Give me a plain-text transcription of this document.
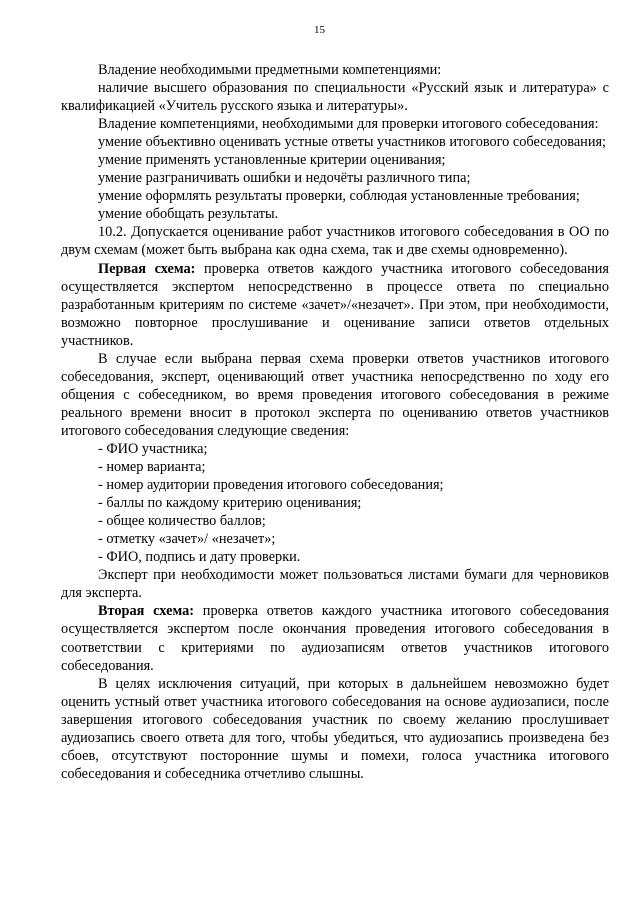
15

Владение необходимыми предметными компетенциями:

наличие высшего образования по специальности «Русский язык и литература» с квалификацией «Учитель русского языка и литературы».

Владение компетенциями, необходимыми для проверки итогового собеседования:

умение объективно оценивать устные ответы участников итогового собеседования;

умение применять установленные критерии оценивания;

умение разграничивать ошибки и недочёты различного типа;

умение оформлять результаты проверки, соблюдая установленные требования;

умение обобщать результаты.

10.2. Допускается оценивание работ участников итогового собеседования в ОО по двум схемам (может быть выбрана как одна схема, так и две схемы одновременно).

Первая схема: проверка ответов каждого участника итогового собеседования осуществляется экспертом непосредственно в процессе ответа по специально разработанным критериям по системе «зачет»/«незачет». При этом, при необходимости, возможно повторное прослушивание и оценивание записи ответов отдельных участников.

В случае если выбрана первая схема проверки ответов участников итогового собеседования, эксперт, оценивающий ответ участника непосредственно по ходу его общения с собеседником, во время проведения итогового собеседования в режиме реального времени вносит в протокол эксперта по оцениванию ответов участников итогового собеседования следующие сведения:

- ФИО участника;

- номер варианта;

- номер аудитории проведения итогового собеседования;

- баллы по каждому критерию оценивания;

- общее количество баллов;

- отметку «зачет»/ «незачет»;

- ФИО, подпись и дату проверки.

Эксперт при необходимости может пользоваться листами бумаги для черновиков для эксперта.

Вторая схема: проверка ответов каждого участника итогового собеседования осуществляется экспертом после окончания проведения итогового собеседования в соответствии с критериями по аудиозаписям ответов участников итогового собеседования.

В целях исключения ситуаций, при которых в дальнейшем невозможно будет оценить устный ответ участника итогового собеседования на основе аудиозаписи, после завершения итогового собеседования участник по своему желанию прослушивает аудиозапись своего ответа для того, чтобы убедиться, что аудиозапись произведена без сбоев, отсутствуют посторонние шумы и помехи, голоса участника итогового собеседования и собеседника отчетливо слышны.
